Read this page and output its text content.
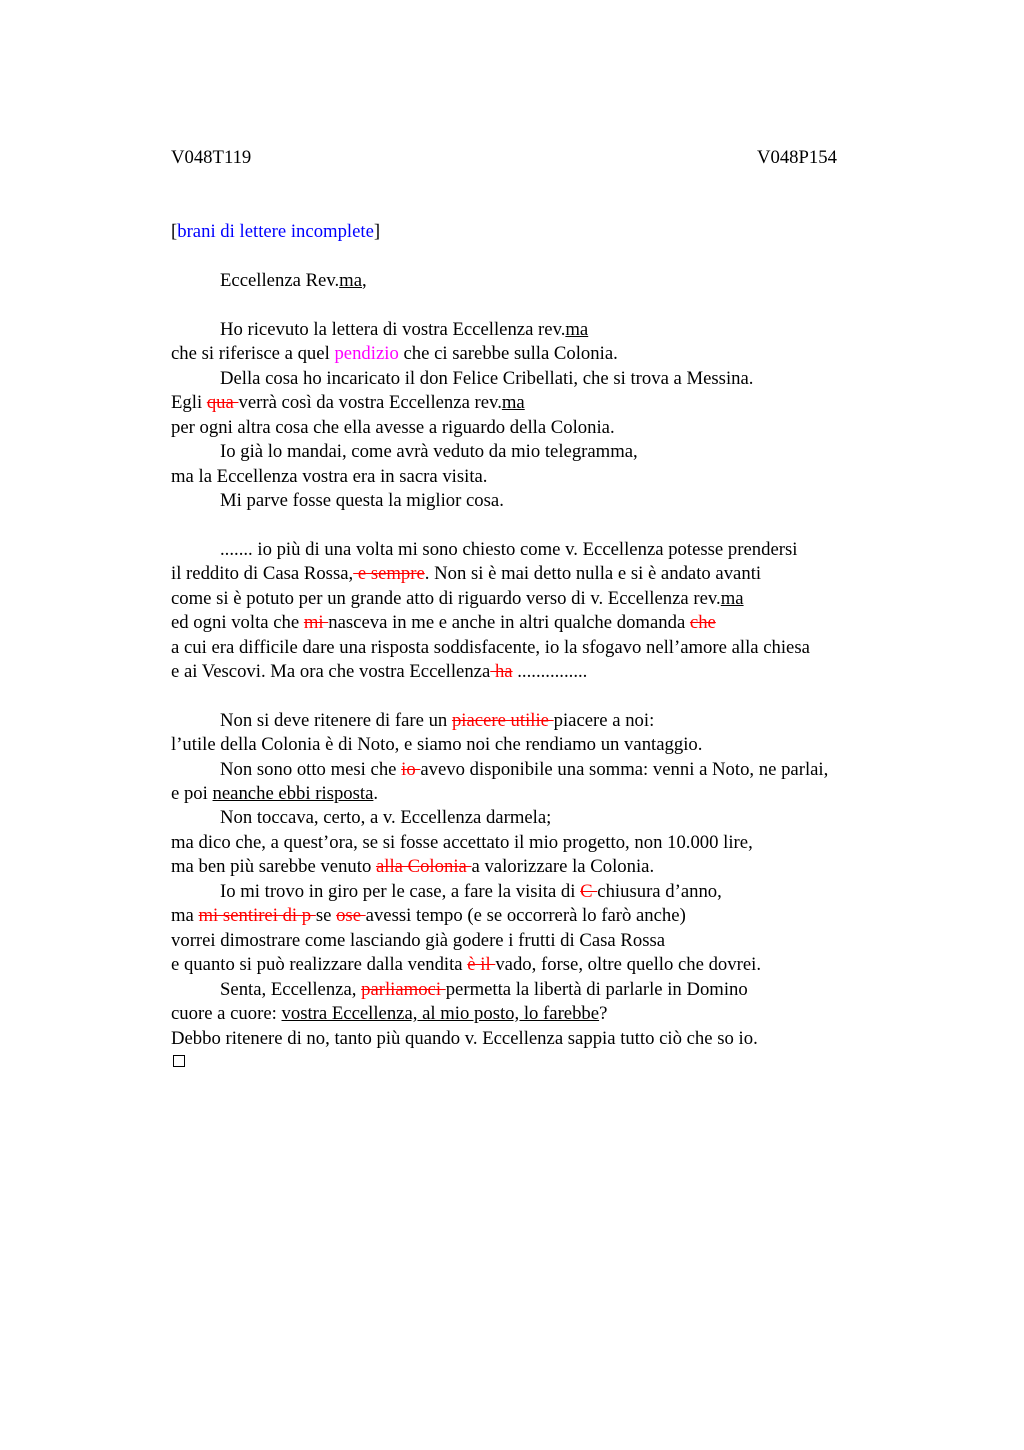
V048T119	V048P154
[brani di lettere incomplete]
Eccellenza Rev.ma,
Ho ricevuto la lettera di vostra Eccellenza rev.ma
che si riferisce a quel pendizio che ci sarebbe sulla Colonia.
Della cosa ho incaricato il don Felice Cribellati, che si trova a Messina.
Egli qua verrà così da vostra Eccellenza rev.ma
per ogni altra cosa che ella avesse a riguardo della Colonia.
Io già lo mandai, come avrà veduto da mio telegramma,
ma la Eccellenza vostra era in sacra visita.
Mi parve fosse questa la miglior cosa.
....... io più di una volta mi sono chiesto come v. Eccellenza potesse prendersi
il reddito di Casa Rossa, e sempre. Non si è mai detto nulla e si è andato avanti
come si è potuto per un grande atto di riguardo verso di v. Eccellenza rev.ma
ed ogni volta che mi nasceva in me e anche in altri qualche domanda che
a cui era difficile dare una risposta soddisfacente, io la sfogavo nell’amore alla chiesa
e ai Vescovi. Ma ora che vostra Eccellenza ha ...............
Non si deve ritenere di fare un piacere utilie piacere a noi:
l’utile della Colonia è di Noto, e siamo noi che rendiamo un vantaggio.
Non sono otto mesi che io avevo disponibile una somma: venni a Noto, ne parlai,
e poi neanche ebbi risposta.
Non toccava, certo, a v. Eccellenza darmela;
ma dico che, a quest’ora, se si fosse accettato il mio progetto, non 10.000 lire,
ma ben più sarebbe venuto alla Colonia a valorizzare la Colonia.
Io mi trovo in giro per le case, a fare la visita di C chiusura d’anno,
ma mi sentirei di p se ose avessi tempo (e se occorrerà lo farò anche)
vorrei dimostrare come lasciando già godere i frutti di Casa Rossa
e quanto si può realizzare dalla vendita è il vado, forse, oltre quello che dovrei.
Senta, Eccellenza, parliamoci permetta la libertà di parlarle in Domino
cuore a cuore: vostra Eccellenza, al mio posto, lo farebbe?
Debbo ritenere di no, tanto più quando v. Eccellenza sappia tutto ciò che so io.
